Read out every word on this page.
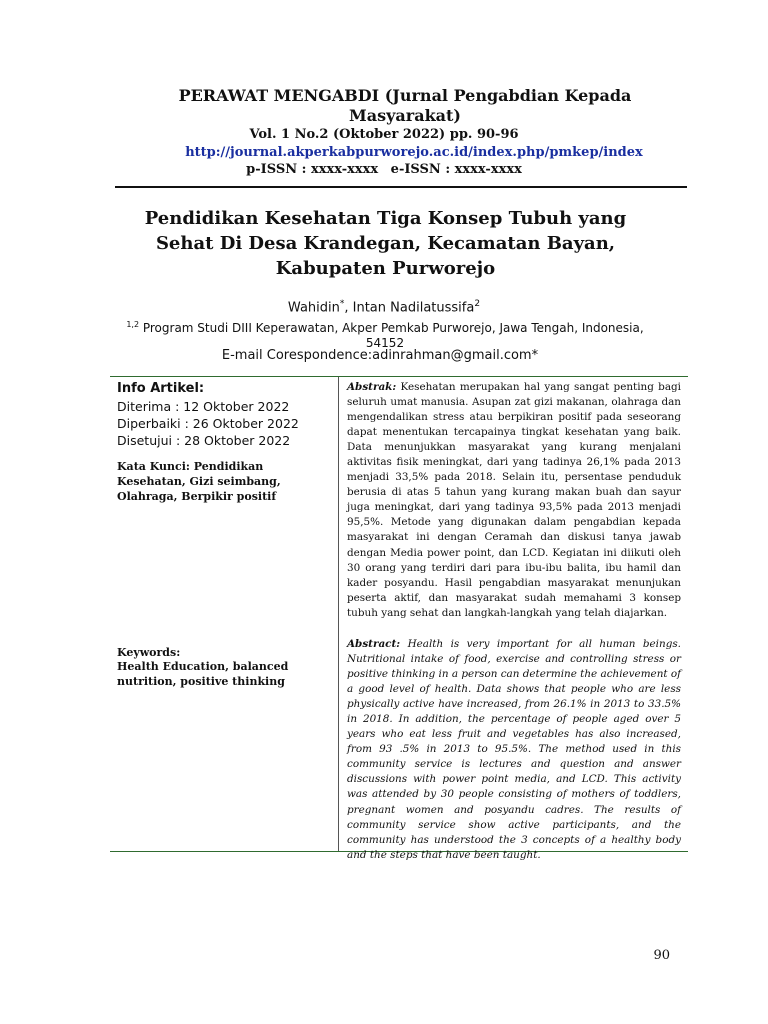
PERAWAT MENGABDI (Jurnal Pengabdian Kepada Masyarakat)
Vol. 1 No.2 (Oktober 2022) pp. 90-96
http://journal.akperkabpurworejo.ac.id/index.php/pmkep/index
p-ISSN : xxxx-xxxx e-ISSN : xxxx-xxxx
Pendidikan Kesehatan Tiga Konsep Tubuh yang Sehat Di Desa Krandegan, Kecamatan Bayan, Kabupaten Purworejo
Wahidin*, Intan Nadilatussifa$^2$
$^{1,2}$ Program Studi DIII Keperawatan, Akper Pemkab Purworejo, Jawa Tengah, Indonesia, 54152
E-mail Corespondence:adinrahman@gmail.com*
Info Artikel:
Diterima : 12 Oktober 2022
Diperbaiki : 26 Oktober 2022
Disetujui : 28 Oktober 2022
Kata Kunci: Pendidikan Kesehatan, Gizi seimbang, Olahraga, Berpikir positif
Keywords:
Health Education, balanced nutrition, positive thinking
Abstrak: Kesehatan merupakan hal yang sangat penting bagi seluruh umat manusia. Asupan zat gizi makanan, olahraga dan mengendalikan stress atau berpikiran positif pada seseorang dapat menentukan tercapainya tingkat kesehatan yang baik. Data menunjukkan masyarakat yang kurang menjalani aktivitas fisik meningkat, dari yang tadinya 26,1% pada 2013 menjadi 33,5% pada 2018. Selain itu, persentase penduduk berusia di atas 5 tahun yang kurang makan buah dan sayur juga meningkat, dari yang tadinya 93,5% pada 2013 menjadi 95,5%. Metode yang digunakan dalam pengabdian kepada masyarakat ini dengan Ceramah dan diskusi tanya jawab dengan Media power point, dan LCD. Kegiatan ini diikuti oleh 30 orang yang terdiri dari para ibu-ibu balita, ibu hamil dan kader posyandu. Hasil pengabdian masyarakat menunjukan peserta aktif, dan masyarakat sudah memahami 3 konsep tubuh yang sehat dan langkah-langkah yang telah diajarkan.
Abstract: Health is very important for all human beings. Nutritional intake of food, exercise and controlling stress or positive thinking in a person can determine the achievement of a good level of health. Data shows that people who are less physically active have increased, from 26.1% in 2013 to 33.5% in 2018. In addition, the percentage of people aged over 5 years who eat less fruit and vegetables has also increased, from 93 .5% in 2013 to 95.5%. The method used in this community service is lectures and question and answer discussions with power point media, and LCD. This activity was attended by 30 people consisting of mothers of toddlers, pregnant women and posyandu cadres. The results of community service show active participants, and the community has understood the 3 concepts of a healthy body and the steps that have been taught.
90
